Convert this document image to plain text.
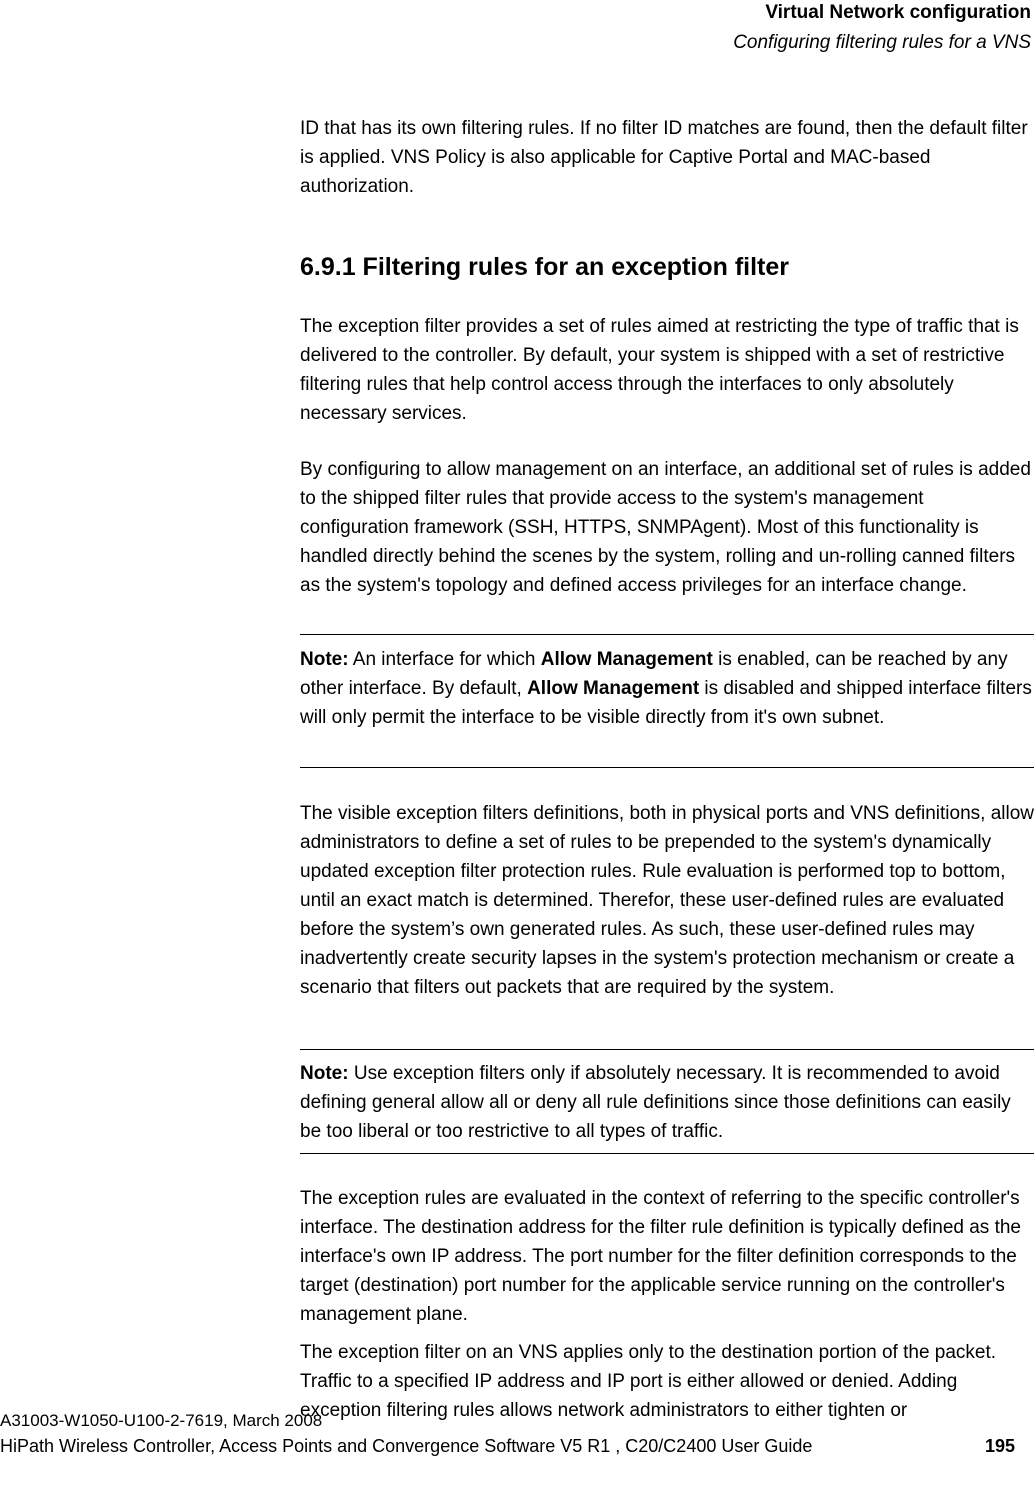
Virtual Network configuration
Configuring filtering rules for a VNS

ID that has its own filtering rules. If no filter ID matches are found, then the default filter is applied. VNS Policy is also applicable for Captive Portal and MAC-based authorization.

6.9.1 Filtering rules for an exception filter

The exception filter provides a set of rules aimed at restricting the type of traffic that is delivered to the controller. By default, your system is shipped with a set of restrictive filtering rules that help control access through the interfaces to only absolutely necessary services.

By configuring to allow management on an interface, an additional set of rules is added to the shipped filter rules that provide access to the system's management configuration framework (SSH, HTTPS, SNMPAgent). Most of this functionality is handled directly behind the scenes by the system, rolling and un-rolling canned filters as the system's topology and defined access privileges for an interface change.

Note: An interface for which Allow Management is enabled, can be reached by any other interface. By default, Allow Management is disabled and shipped interface filters will only permit the interface to be visible directly from it's own subnet.

The visible exception filters definitions, both in physical ports and VNS definitions, allow administrators to define a set of rules to be prepended to the system's dynamically updated exception filter protection rules. Rule evaluation is performed top to bottom, until an exact match is determined. Therefor, these user-defined rules are evaluated before the system’s own generated rules. As such, these user-defined rules may inadvertently create security lapses in the system's protection mechanism or create a scenario that filters out packets that are required by the system.

Note: Use exception filters only if absolutely necessary. It is recommended to avoid defining general allow all or deny all rule definitions since those definitions can easily be too liberal or too restrictive to all types of traffic.

The exception rules are evaluated in the context of referring to the specific controller's interface. The destination address for the filter rule definition is typically defined as the interface's own IP address. The port number for the filter definition corresponds to the target (destination) port number for the applicable service running on the controller's management plane.

The exception filter on an VNS applies only to the destination portion of the packet. Traffic to a specified IP address and IP port is either allowed or denied. Adding exception filtering rules allows network administrators to either tighten or

A31003-W1050-U100-2-7619, March 2008
HiPath Wireless Controller, Access Points and Convergence Software V5 R1 , C20/C2400 User Guide	195
